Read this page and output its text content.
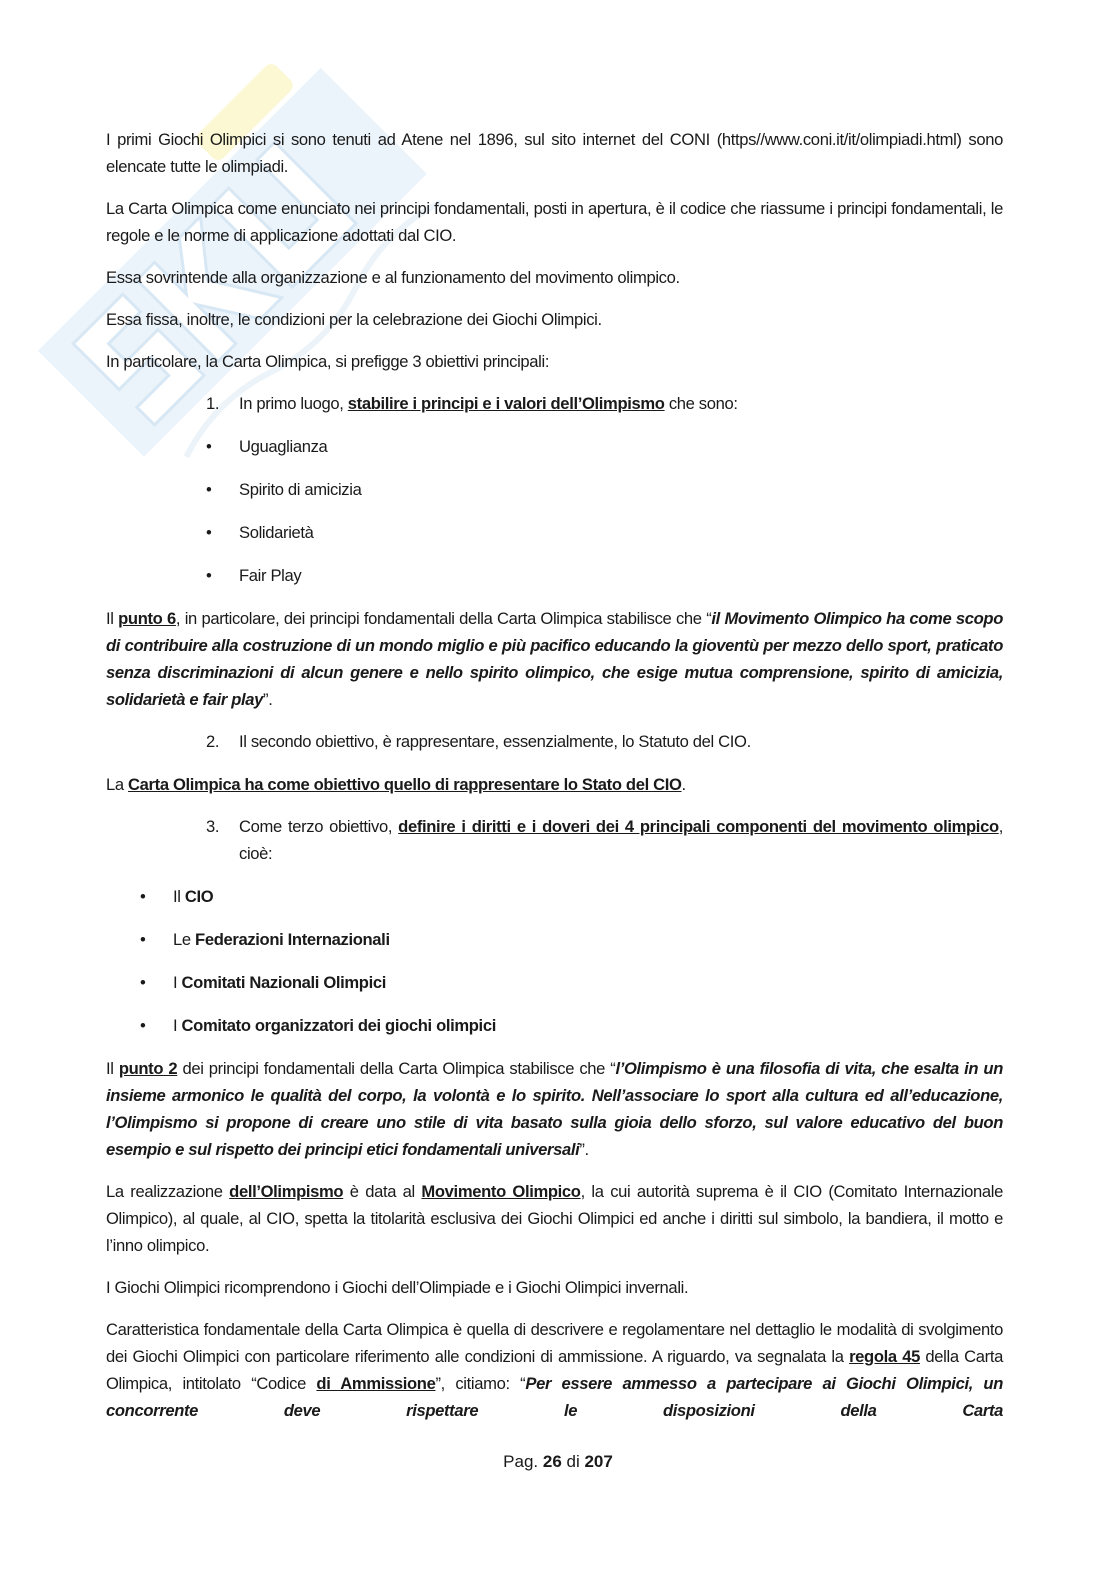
I primi Giochi Olimpici si sono tenuti ad Atene nel 1896, sul sito internet del CONI (https//www.coni.it/it/olimpiadi.html) sono elencate tutte le olimpiadi.
La Carta Olimpica come enunciato nei principi fondamentali, posti in apertura, è il codice che riassume i principi fondamentali, le regole e le norme di applicazione adottati dal CIO.
Essa sovrintende alla organizzazione e al funzionamento del movimento olimpico.
Essa fissa, inoltre, le condizioni per la celebrazione dei Giochi Olimpici.
In particolare, la Carta Olimpica, si prefigge 3 obiettivi principali:
1. In primo luogo, stabilire i principi e i valori dell’Olimpismo che sono:
• Uguaglianza
• Spirito di amicizia
• Solidarietà
• Fair Play
Il punto 6, in particolare, dei principi fondamentali della Carta Olimpica stabilisce che “il Movimento Olimpico ha come scopo di contribuire alla costruzione di un mondo miglio e più pacifico educando la gioventù per mezzo dello sport, praticato senza discriminazioni di alcun genere e nello spirito olimpico, che esige mutua comprensione, spirito di amicizia, solidarietà e fair play”.
2. Il secondo obiettivo, è rappresentare, essenzialmente, lo Statuto del CIO.
La Carta Olimpica ha come obiettivo quello di rappresentare lo Stato del CIO.
3. Come terzo obiettivo, definire i diritti e i doveri dei 4 principali componenti del movimento olimpico, cioè:
• Il CIO
• Le Federazioni Internazionali
• I Comitati Nazionali Olimpici
• I Comitato organizzatori dei giochi olimpici
Il punto 2 dei principi fondamentali della Carta Olimpica stabilisce che “l’Olimpismo è una filosofia di vita, che esalta in un insieme armonico le qualità del corpo, la volontà e lo spirito. Nell’associare lo sport alla cultura ed all’educazione, l’Olimpismo si propone di creare uno stile di vita basato sulla gioia dello sforzo, sul valore educativo del buon esempio e sul rispetto dei principi etici fondamentali universali”.
La realizzazione dell’Olimpismo è data al Movimento Olimpico, la cui autorità suprema è il CIO (Comitato Internazionale Olimpico), al quale, al CIO, spetta la titolarità esclusiva dei Giochi Olimpici ed anche i diritti sul simbolo, la bandiera, il motto e l’inno olimpico.
I Giochi Olimpici ricomprendono i Giochi dell’Olimpiade e i Giochi Olimpici invernali.
Caratteristica fondamentale della Carta Olimpica è quella di descrivere e regolamentare nel dettaglio le modalità di svolgimento dei Giochi Olimpici con particolare riferimento alle condizioni di ammissione. A riguardo, va segnalata la regola 45 della Carta Olimpica, intitolato “Codice di Ammissione”, citiamo: “Per essere ammesso a partecipare ai Giochi Olimpici, un concorrente deve rispettare le disposizioni della Carta
Pag. 26 di 207
